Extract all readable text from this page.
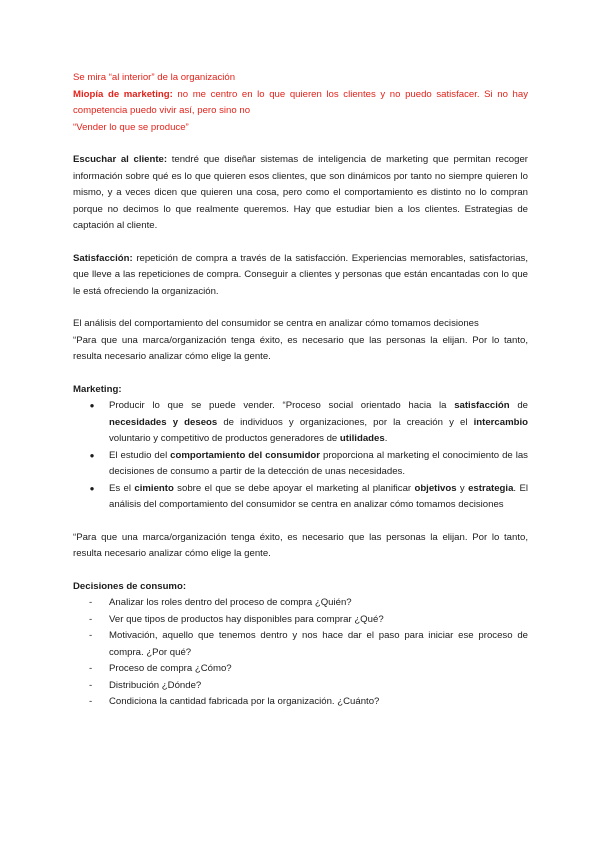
Se mira “al interior” de la organización

Miopía de marketing: no me centro en lo que quieren los clientes y no puedo satisfacer. Si no hay competencia puedo vivir así, pero sino no

“Vender lo que se produce”

Escuchar al cliente: tendré que diseñar sistemas de inteligencia de marketing que permitan recoger información sobre qué es lo que quieren esos clientes, que son dinámicos por tanto no siempre quieren lo mismo, y a veces dicen que quieren una cosa, pero como el comportamiento es distinto no lo compran porque no decimos lo que realmente queremos. Hay que estudiar bien a los clientes. Estrategias de captación al cliente.

Satisfacción: repetición de compra a través de la satisfacción. Experiencias memorables, satisfactorias, que lleve a las repeticiones de compra. Conseguir a clientes y personas que están encantadas con lo que le está ofreciendo la organización.

El análisis del comportamiento del consumidor se centra en analizar cómo tomamos decisiones

“Para que una marca/organización tenga éxito, es necesario que las personas la elijan. Por lo tanto, resulta necesario analizar cómo elige la gente.

Marketing:

● Producir lo que se puede vender. “Proceso social orientado hacia la satisfacción de necesidades y deseos de individuos y organizaciones, por la creación y el intercambio voluntario y competitivo de productos generadores de utilidades.
● El estudio del comportamiento del consumidor proporciona al marketing el conocimiento de las decisiones de consumo a partir de la detección de unas necesidades.
● Es el cimiento sobre el que se debe apoyar el marketing al planificar objetivos y estrategia. El análisis del comportamiento del consumidor se centra en analizar cómo tomamos decisiones

“Para que una marca/organización tenga éxito, es necesario que las personas la elijan. Por lo tanto, resulta necesario analizar cómo elige la gente.

Decisiones de consumo:

-	Analizar los roles dentro del proceso de compra ¿Quién?
-	Ver que tipos de productos hay disponibles para comprar ¿Qué?
-	Motivación, aquello que tenemos dentro y nos hace dar el paso para iniciar ese proceso de compra. ¿Por qué?
-	Proceso de compra ¿Cómo?
-	Distribución ¿Dónde?
-	Condiciona la cantidad fabricada por la organización. ¿Cuánto?
